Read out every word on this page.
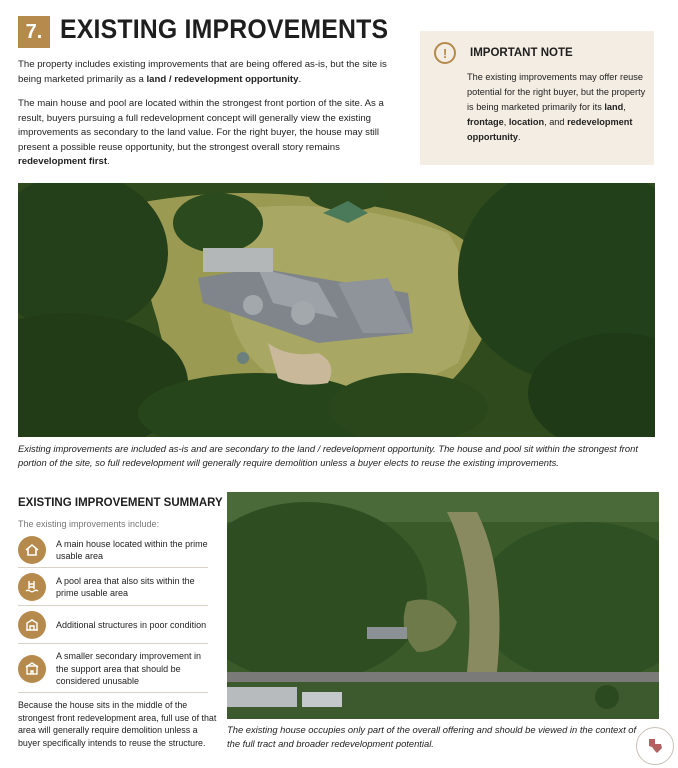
7. EXISTING IMPROVEMENTS
The property includes existing improvements that are being offered as-is, but the site is being marketed primarily as a land / redevelopment opportunity.
The main house and pool are located within the strongest front portion of the site. As a result, buyers pursuing a full redevelopment concept will generally view the existing improvements as secondary to the land value. For the right buyer, the house may still present a possible reuse opportunity, but the strongest overall story remains redevelopment first.
!	IMPORTANT NOTE
The existing improvements may offer reuse potential for the right buyer, but the property is being marketed primarily for its land, frontage, location, and redevelopment opportunity.
Existing improvements are included as-is and are secondary to the land / redevelopment opportunity. The house and pool sit within the strongest front portion of the site, so full redevelopment will generally require demolition unless a buyer elects to reuse the existing improvements.
EXISTING IMPROVEMENT SUMMARY
The existing improvements include:
A main house located within the prime usable area
A pool area that also sits within the prime usable area
Additional structures in poor condition
A smaller secondary improvement in the support area that should be considered unusable
Because the house sits in the middle of the strongest front redevelopment area, full use of that area will generally require demolition unless a buyer specifically intends to reuse the structure.
The existing house occupies only part of the overall offering and should be viewed in the context of the full tract and broader redevelopment potential.
